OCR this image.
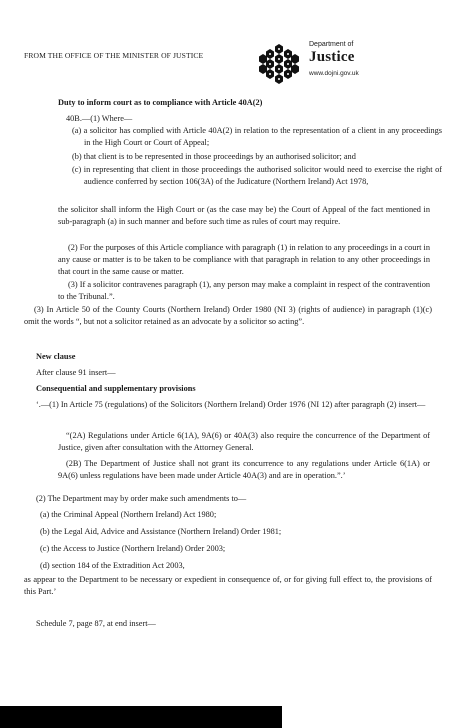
FROM THE OFFICE OF THE MINISTER OF JUSTICE
Department of
Justice
www.dojni.gov.uk
Duty to inform court as to compliance with Article 40A(2)
40B.—(1) Where—
(a) a solicitor has complied with Article 40A(2) in relation to the representation of a client in any proceedings in the High Court or Court of Appeal;
(b) that client is to be represented in those proceedings by an authorised solicitor; and
(c) in representing that client in those proceedings the authorised solicitor would need to exercise the right of audience conferred by section 106(3A) of the Judicature (Northern Ireland) Act 1978,
the solicitor shall inform the High Court or (as the case may be) the Court of Appeal of the fact mentioned in sub-paragraph (a) in such manner and before such time as rules of court may require.
(2) For the purposes of this Article compliance with paragraph (1) in relation to any proceedings in a court in any cause or matter is to be taken to be compliance with that paragraph in relation to any other proceedings in that court in the same cause or matter.
(3) If a solicitor contravenes paragraph (1), any person may make a complaint in respect of the contravention to the Tribunal.”.
(3) In Article 50 of the County Courts (Northern Ireland) Order 1980 (NI 3) (rights of audience) in paragraph (1)(c) omit the words “, but not a solicitor retained as an advocate by a solicitor so acting”.
New clause
After clause 91 insert—
Consequential and supplementary provisions
‘.—(1) In Article 75 (regulations) of the Solicitors (Northern Ireland) Order 1976 (NI 12) after paragraph (2) insert—
“(2A) Regulations under Article 6(1A), 9A(6) or 40A(3) also require the concurrence of the Department of Justice, given after consultation with the Attorney General.
(2B) The Department of Justice shall not grant its concurrence to any regulations under Article 6(1A) or 9A(6) unless regulations have been made under Article 40A(3) and are in operation.”.’
(2) The Department may by order make such amendments to—
(a) the Criminal Appeal (Northern Ireland) Act 1980;
(b) the Legal Aid, Advice and Assistance (Northern Ireland) Order 1981;
(c) the Access to Justice (Northern Ireland) Order 2003;
(d) section 184 of the Extradition Act 2003,
as appear to the Department to be necessary or expedient in consequence of, or for giving full effect to, the provisions of this Part.’
Schedule 7, page 87, at end insert—
